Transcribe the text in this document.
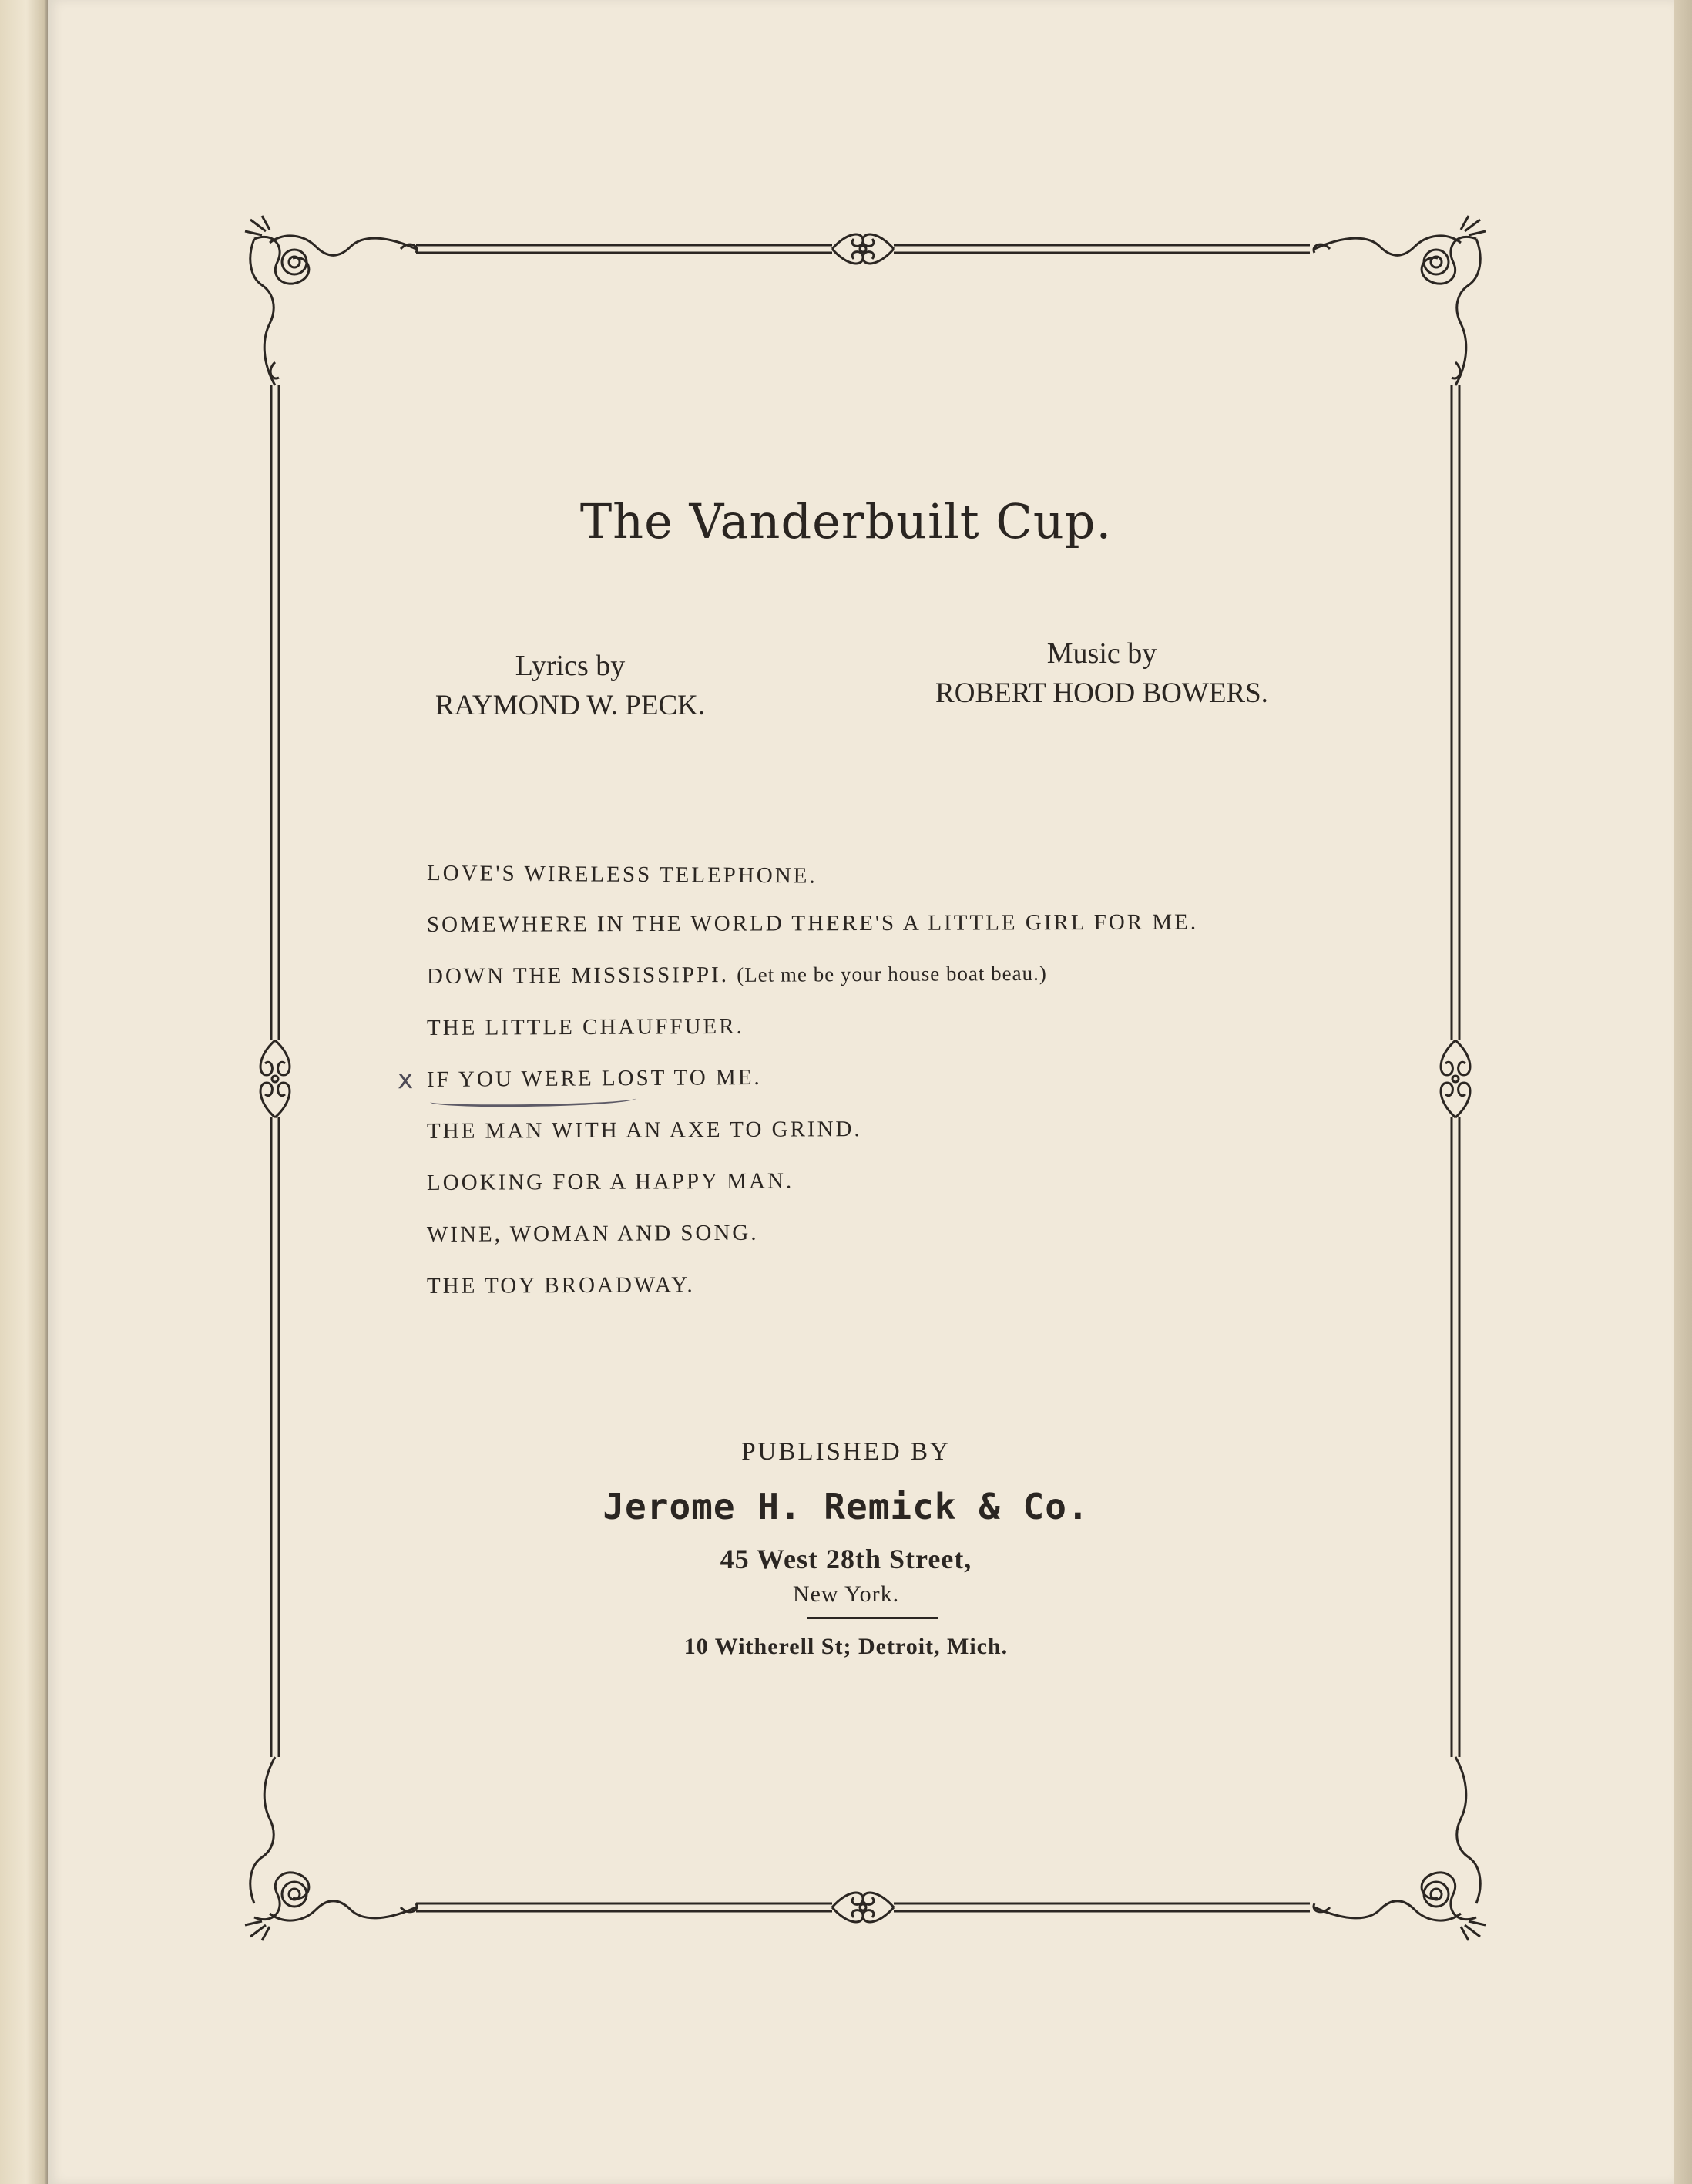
The Vanderbuilt Cup.
Lyrics by
RAYMOND W. PECK.
Music by
ROBERT HOOD BOWERS.
LOVE'S WIRELESS TELEPHONE.
SOMEWHERE IN THE WORLD THERE'S A LITTLE GIRL FOR ME.
DOWN THE MISSISSIPPI. (Let me be your house boat beau.)
THE LITTLE CHAUFFUER.
x IF YOU WERE LOST TO ME.
THE MAN WITH AN AXE TO GRIND.
LOOKING FOR A HAPPY MAN.
WINE, WOMAN AND SONG.
THE TOY BROADWAY.
PUBLISHED BY
Jerome H. Remick & Co.
45 West 28th Street,
New York.
10 Witherell St; Detroit, Mich.
